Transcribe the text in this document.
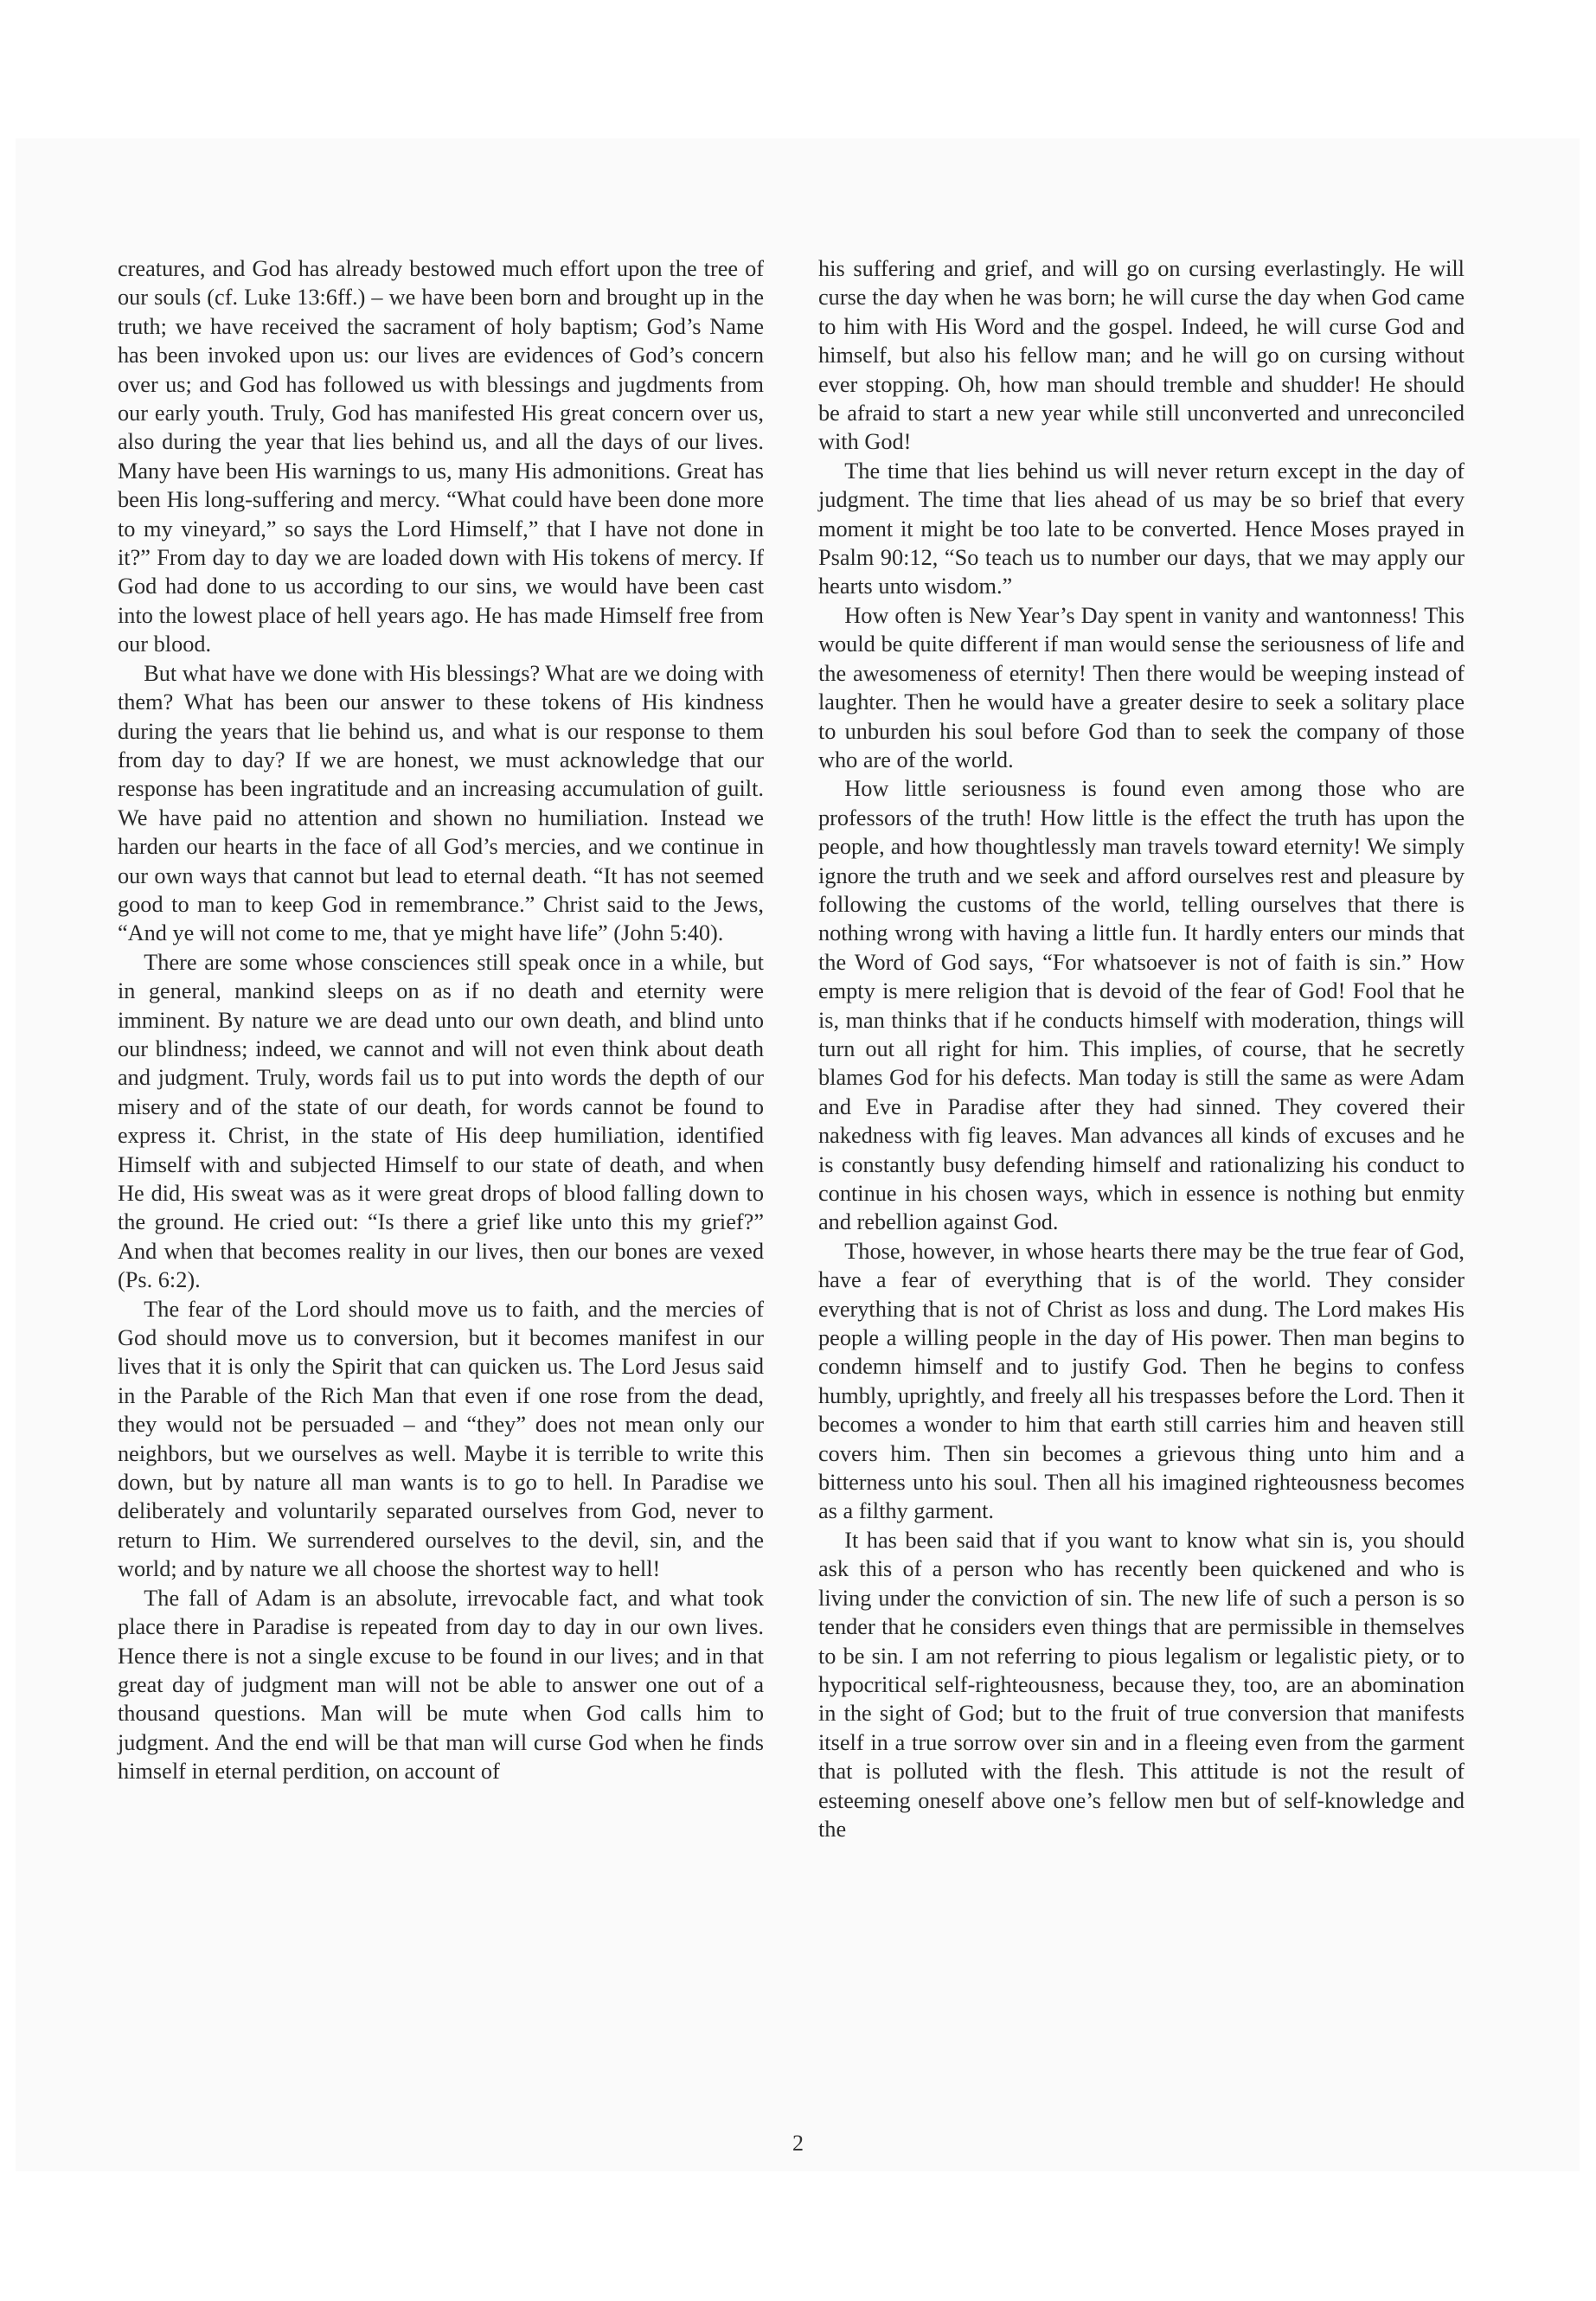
creatures, and God has already bestowed much effort upon the tree of our souls (cf. Luke 13:6ff.) – we have been born and brought up in the truth; we have received the sacrament of holy baptism; God’s Name has been invoked upon us: our lives are evidences of God’s concern over us; and God has followed us with blessings and jugdments from our early youth. Truly, God has manifested His great concern over us, also during the year that lies behind us, and all the days of our lives. Many have been His warnings to us, many His admonitions. Great has been His long-suffering and mercy. “What could have been done more to my vineyard,” so says the Lord Himself,” that I have not done in it?” From day to day we are loaded down with His tokens of mercy. If God had done to us according to our sins, we would have been cast into the lowest place of hell years ago. He has made Himself free from our blood.

But what have we done with His blessings? What are we doing with them? What has been our answer to these tokens of His kindness during the years that lie behind us, and what is our response to them from day to day? If we are honest, we must acknowledge that our response has been ingratitude and an increasing accumulation of guilt. We have paid no attention and shown no humiliation. Instead we harden our hearts in the face of all God’s mercies, and we continue in our own ways that cannot but lead to eternal death. “It has not seemed good to man to keep God in remembrance.” Christ said to the Jews, “And ye will not come to me, that ye might have life” (John 5:40).

There are some whose consciences still speak once in a while, but in general, mankind sleeps on as if no death and eternity were imminent. By nature we are dead unto our own death, and blind unto our blindness; indeed, we cannot and will not even think about death and judgment. Truly, words fail us to put into words the depth of our misery and of the state of our death, for words cannot be found to express it. Christ, in the state of His deep humiliation, identified Himself with and subjected Himself to our state of death, and when He did, His sweat was as it were great drops of blood falling down to the ground. He cried out: “Is there a grief like unto this my grief?” And when that becomes reality in our lives, then our bones are vexed (Ps. 6:2).

The fear of the Lord should move us to faith, and the mercies of God should move us to conversion, but it becomes manifest in our lives that it is only the Spirit that can quicken us. The Lord Jesus said in the Parable of the Rich Man that even if one rose from the dead, they would not be persuaded – and “they” does not mean only our neighbors, but we ourselves as well. Maybe it is terrible to write this down, but by nature all man wants is to go to hell. In Paradise we deliberately and voluntarily separated ourselves from God, never to return to Him. We surrendered ourselves to the devil, sin, and the world; and by nature we all choose the shortest way to hell!

The fall of Adam is an absolute, irrevocable fact, and what took place there in Paradise is repeated from day to day in our own lives. Hence there is not a single excuse to be found in our lives; and in that great day of judgment man will not be able to answer one out of a thousand questions. Man will be mute when God calls him to judgment. And the end will be that man will curse God when he finds himself in eternal perdition, on account of

his suffering and grief, and will go on cursing everlastingly. He will curse the day when he was born; he will curse the day when God came to him with His Word and the gospel. Indeed, he will curse God and himself, but also his fellow man; and he will go on cursing without ever stopping. Oh, how man should tremble and shudder! He should be afraid to start a new year while still unconverted and unreconciled with God!

The time that lies behind us will never return except in the day of judgment. The time that lies ahead of us may be so brief that every moment it might be too late to be converted. Hence Moses prayed in Psalm 90:12, “So teach us to number our days, that we may apply our hearts unto wisdom.”

How often is New Year’s Day spent in vanity and wantonness! This would be quite different if man would sense the seriousness of life and the awesomeness of eternity! Then there would be weeping instead of laughter. Then he would have a greater desire to seek a solitary place to unburden his soul before God than to seek the company of those who are of the world.

How little seriousness is found even among those who are professors of the truth! How little is the effect the truth has upon the people, and how thoughtlessly man travels toward eternity! We simply ignore the truth and we seek and afford ourselves rest and pleasure by following the customs of the world, telling ourselves that there is nothing wrong with having a little fun. It hardly enters our minds that the Word of God says, “For whatsoever is not of faith is sin.” How empty is mere religion that is devoid of the fear of God! Fool that he is, man thinks that if he conducts himself with moderation, things will turn out all right for him. This implies, of course, that he secretly blames God for his defects. Man today is still the same as were Adam and Eve in Paradise after they had sinned. They covered their nakedness with fig leaves. Man advances all kinds of excuses and he is constantly busy defending himself and rationalizing his conduct to continue in his chosen ways, which in essence is nothing but enmity and rebellion against God.

Those, however, in whose hearts there may be the true fear of God, have a fear of everything that is of the world. They consider everything that is not of Christ as loss and dung. The Lord makes His people a willing people in the day of His power. Then man begins to condemn himself and to justify God. Then he begins to confess humbly, uprightly, and freely all his trespasses before the Lord. Then it becomes a wonder to him that earth still carries him and heaven still covers him. Then sin becomes a grievous thing unto him and a bitterness unto his soul. Then all his imagined righteousness becomes as a filthy garment.

It has been said that if you want to know what sin is, you should ask this of a person who has recently been quickened and who is living under the conviction of sin. The new life of such a person is so tender that he considers even things that are permissible in themselves to be sin. I am not referring to pious legalism or legalistic piety, or to hypocritical self-righteousness, because they, too, are an abomination in the sight of God; but to the fruit of true conversion that manifests itself in a true sorrow over sin and in a fleeing even from the garment that is polluted with the flesh. This attitude is not the result of esteeming oneself above one’s fellow men but of self-knowledge and the

2
